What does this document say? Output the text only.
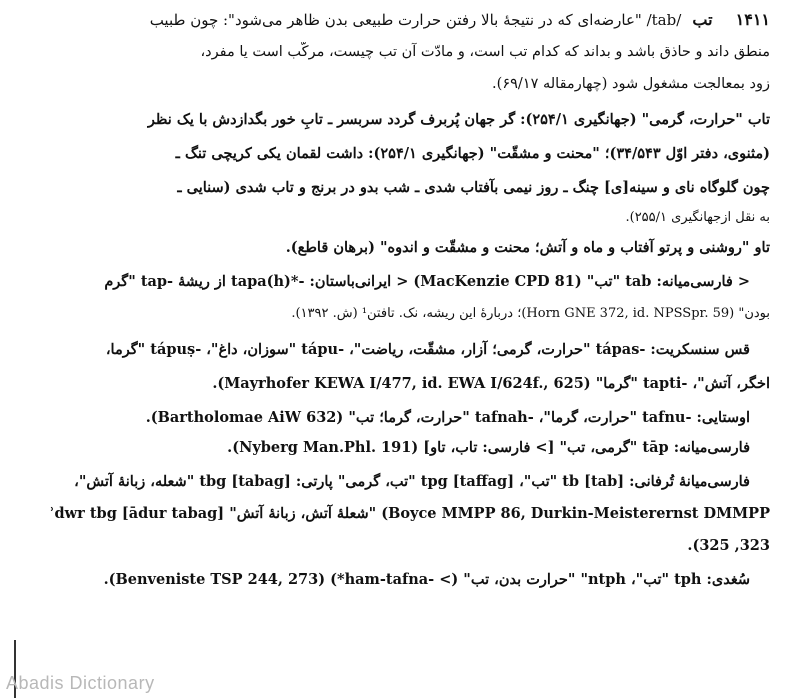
۱۴۱۱ تب /tab/ "عارضه‌ای که در نتیجهٔ بالا رفتن حرارت طبیعی بدن ظاهر می‌شود": چون طبیب
منطق داند و حاذق باشد و بداند که کدام تب است، و مادّت آن تب چیست، مرکّب است یا مفرد،
زود بمعالجت مشغول شود (چهارمقاله ۶۹/۱۷).
تاب "حرارت، گرمی" (جهانگیری ۲۵۴/۱): گر جهان پُربرف گردد سربسر ـ تابِ خور بگدازدش با یک نظر
(مثنوی، دفتر اوّل ۳۴/۵۴۳)؛ "محنت و مشقّت" (جهانگیری ۲۵۴/۱): داشت لقمان یکی کریچی تنگ ـ
چون گلوگاه نای و سینه[ی] چنگ ـ روز نیمی بآفتاب شدی ـ شب بدو در برنج و تاب شدی (سنایی ـ
به نقل ازجهانگیری ۲۵۵/۱).
تاو "روشنی و پرتو آفتاب و ماه و آتش؛ محنت و مشقّت و اندوه" (برهان قاطع).
< فارسی‌میانه: tab "تب" (MacKenzie CPD 81) < ایرانی‌باستان: -*tapa(h) از ریشهٔ -tap "گرم
بودن" (Horn GNE 372, id. NPSSpr. 59)؛ دربارهٔ این ریشه، نک. تافتن¹ (ش. ۱۳۹۲).
قس سنسکریت: -tápas "حرارت، گرمی؛ آزار، مشقّت، ریاضت"، -tápu "سوزان، داغ"، -tápuṣ "گرما،
اخگر، آتش"، -tapti "گرما" (Mayrhofer KEWA I/477, id. EWA I/624f., 625).
اوستایی: -tafnu "حرارت، گرما"، -tafnah "حرارت، گرما؛ تب" (Bartholomae AiW 632).
فارسی‌میانه: tāp "گرمی، تب" [> فارسی: تاب، تاو] (Nyberg Man.Phl. 191).
فارسی‌میانهٔ تُرفانی: tb [tab] "تب"، tpg [taffag] "تب، گرمی" پارتی: tbg [tabag] "شعله، زبانهٔ آتش"،
Boyce MMPP 86, Durkin-Meisterernst DMMPP) "شعلهٔ آتش، زبانهٔ آتش" [ādur tabag] ʾdwr tbg
323, 325).
سُغدی: tph "تب"، ntph" "حرارت بدن، تب" (> -ham-tafna*) (Benveniste TSP 244, 273).
Abadis Dictionary
